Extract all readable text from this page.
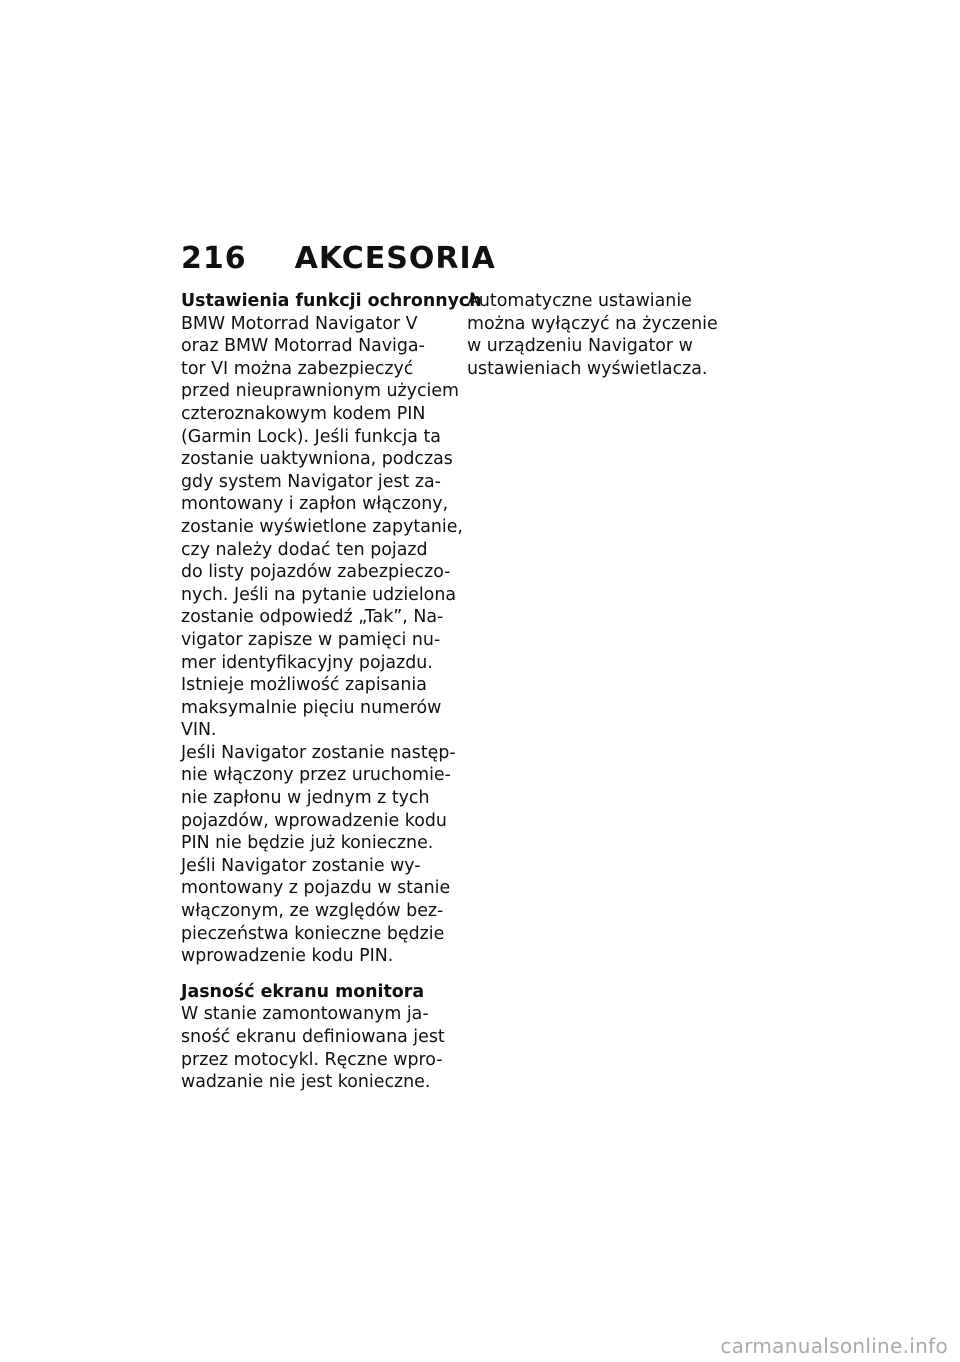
216 AKCESORIA
Ustawienia funkcji ochronnych
BMW Motorrad Navigator V
oraz BMW Motorrad Naviga-
tor VI można zabezpieczyć
przed nieuprawnionym użyciem
czteroznakowym kodem PIN
(Garmin Lock). Jeśli funkcja ta
zostanie uaktywniona, podczas
gdy system Navigator jest za-
montowany i zapłon włączony,
zostanie wyświetlone zapytanie,
czy należy dodać ten pojazd
do listy pojazdów zabezpieczo-
nych. Jeśli na pytanie udzielona
zostanie odpowiedź „Tak”, Na-
vigator zapisze w pamięci nu-
mer identyfikacyjny pojazdu.
Istnieje możliwość zapisania
maksymalnie pięciu numerów
VIN.
Jeśli Navigator zostanie następ-
nie włączony przez uruchomie-
nie zapłonu w jednym z tych
pojazdów, wprowadzenie kodu
PIN nie będzie już konieczne.
Jeśli Navigator zostanie wy-
montowany z pojazdu w stanie
włączonym, ze względów bez-
pieczeństwa konieczne będzie
wprowadzenie kodu PIN.
Jasność ekranu monitora
W stanie zamontowanym ja-
sność ekranu definiowana jest
przez motocykl. Ręczne wpro-
wadzanie nie jest konieczne.
Automatyczne ustawianie
można wyłączyć na życzenie
w urządzeniu Navigator w
ustawieniach wyświetlacza.
carmanualsonline.info
